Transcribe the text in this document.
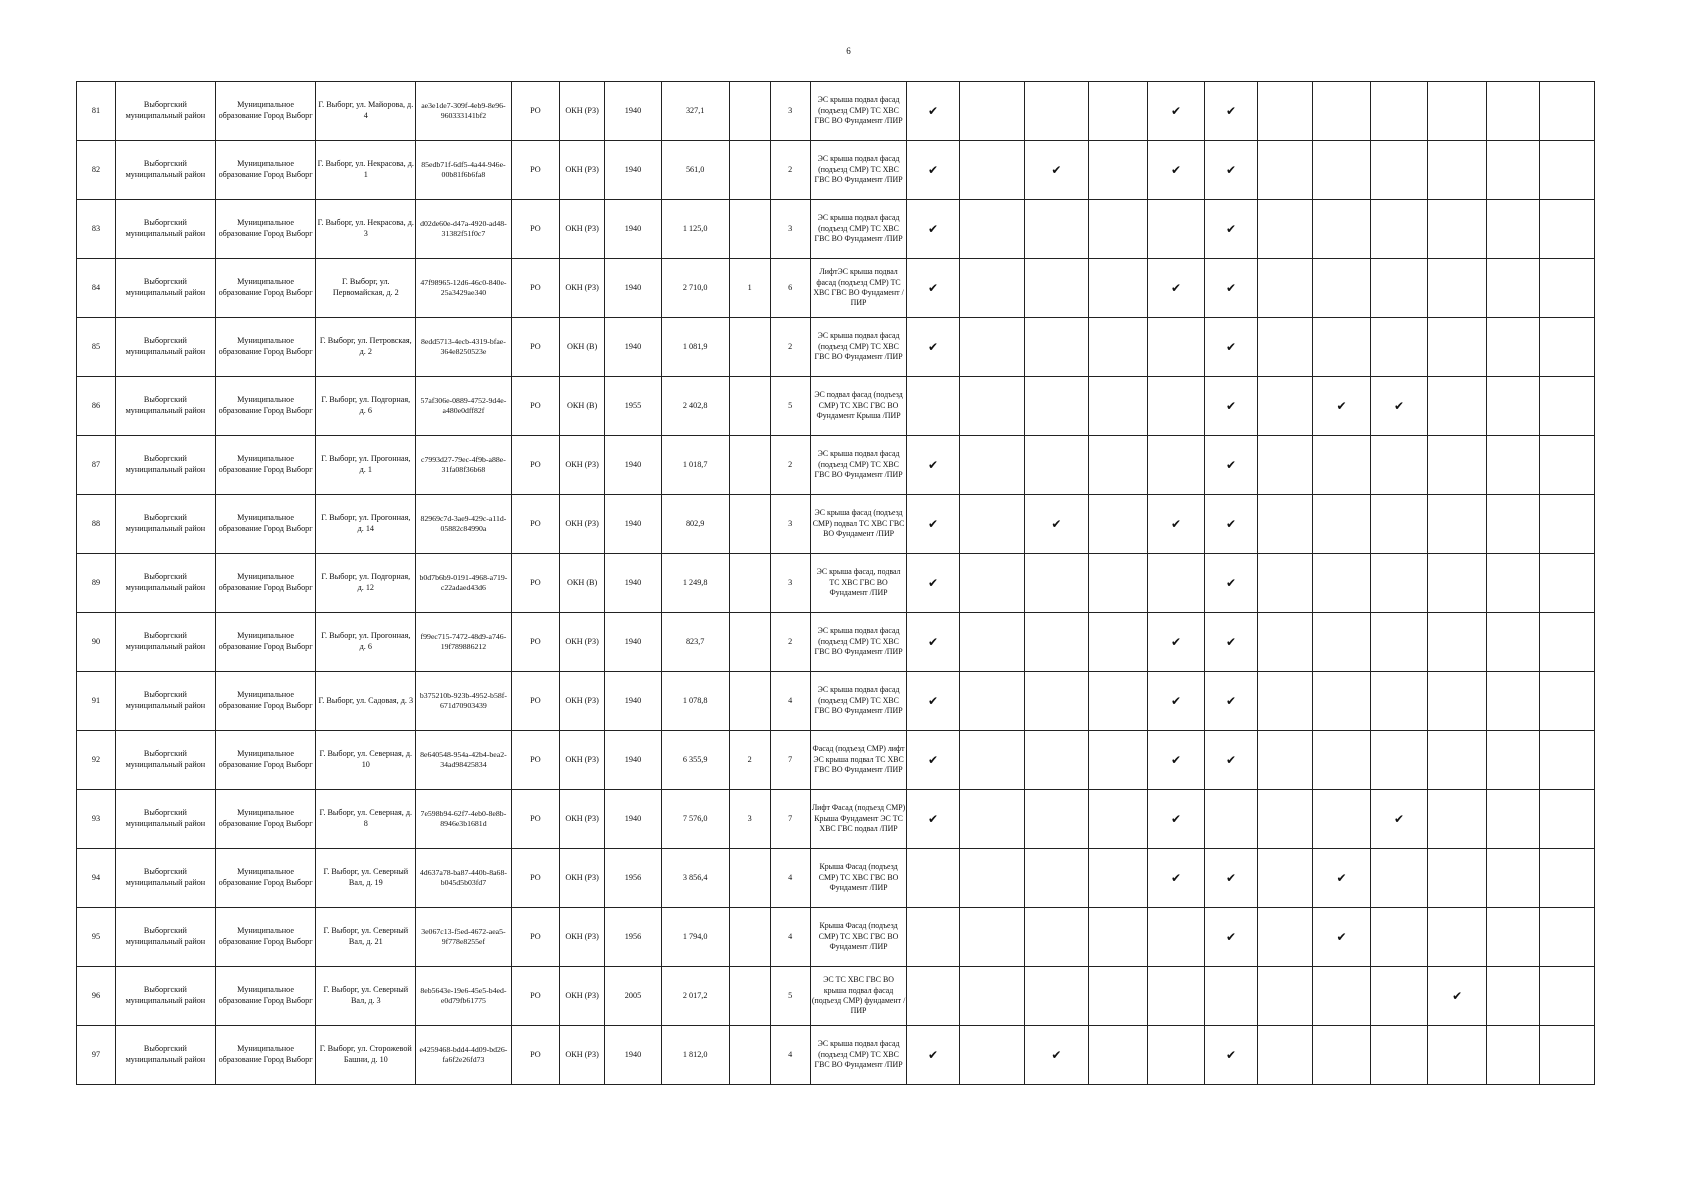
6
81	Выборгский муниципальный район	Муниципальное образование Город Выборг	Г. Выборг, ул. Майорова, д. 4	ae3e1de7-309f-4eb9-8e96-960333141bf2	РО	ОКН (РЗ)	1940	327,1		3	ЭС крыша подвал фасад (подъезд СМР) ТС ХВС ГВС ВО Фундамент /ПИР	✔				✔	✔						
82	Выборгский муниципальный район	Муниципальное образование Город Выборг	Г. Выборг, ул. Некрасова, д. 1	85edb71f-6df5-4a44-946e-00b81f6b6fa8	РО	ОКН (РЗ)	1940	561,0		2	ЭС крыша подвал фасад (подъезд СМР) ТС ХВС ГВС ВО Фундамент /ПИР	✔		✔		✔	✔						
83	Выборгский муниципальный район	Муниципальное образование Город Выборг	Г. Выборг, ул. Некрасова, д. 3	d02de60e-d47a-4920-ad48-31382f51f0c7	РО	ОКН (РЗ)	1940	1 125,0		3	ЭС крыша подвал фасад (подъезд СМР) ТС ХВС ГВС ВО Фундамент /ПИР	✔					✔						
84	Выборгский муниципальный район	Муниципальное образование Город Выборг	Г. Выборг, ул. Первомайская, д. 2	47f98965-12d6-46c0-840e-25a3429ae340	РО	ОКН (РЗ)	1940	2 710,0	1	6	ЛифтЭС крыша подвал фасад (подъезд СМР) ТС ХВС ГВС ВО Фундамент /ПИР	✔				✔	✔						
85	Выборгский муниципальный район	Муниципальное образование Город Выборг	Г. Выборг, ул. Петровская, д. 2	8edd5713-4ecb-4319-bfae-364e8250523e	РО	ОКН (В)	1940	1 081,9		2	ЭС крыша подвал фасад (подъезд СМР) ТС ХВС ГВС ВО Фундамент /ПИР	✔					✔						
86	Выборгский муниципальный район	Муниципальное образование Город Выборг	Г. Выборг, ул. Подгорная, д. 6	57af306e-0889-4752-9d4e-a480e0dff82f	РО	ОКН (В)	1955	2 402,8		5	ЭС подвал фасад (подъезд СМР) ТС ХВС ГВС ВО Фундамент Крыша /ПИР						✔		✔	✔			
87	Выборгский муниципальный район	Муниципальное образование Город Выборг	Г. Выборг, ул. Прогонная, д. 1	c7993d27-79ec-4f9b-a88e-31fa08f36b68	РО	ОКН (РЗ)	1940	1 018,7		2	ЭС крыша подвал фасад (подъезд СМР) ТС ХВС ГВС ВО Фундамент /ПИР	✔					✔						
88	Выборгский муниципальный район	Муниципальное образование Город Выборг	Г. Выборг, ул. Прогонная, д. 14	82969c7d-3ae9-429c-a11d-05882c84990a	РО	ОКН (РЗ)	1940	802,9		3	ЭС крыша фасад (подъезд СМР) подвал ТС ХВС ГВС ВО Фундамент /ПИР	✔		✔		✔	✔						
89	Выборгский муниципальный район	Муниципальное образование Город Выборг	Г. Выборг, ул. Подгорная, д. 12	b0d7b6b9-0191-4968-a719-c22adaed43d6	РО	ОКН (В)	1940	1 249,8		3	ЭС крыша фасад, подвал ТС ХВС ГВС ВО Фундамент /ПИР	✔					✔						
90	Выборгский муниципальный район	Муниципальное образование Город Выборг	Г. Выборг, ул. Прогонная, д. 6	f99ec715-7472-48d9-a746-19f789886212	РО	ОКН (РЗ)	1940	823,7		2	ЭС крыша подвал фасад (подъезд СМР) ТС ХВС ГВС ВО Фундамент /ПИР	✔				✔	✔						
91	Выборгский муниципальный район	Муниципальное образование Город Выборг	Г. Выборг, ул. Садовая, д. 3	b375210b-923b-4952-b58f-671d70903439	РО	ОКН (РЗ)	1940	1 078,8		4	ЭС крыша подвал фасад (подъезд СМР) ТС ХВС ГВС ВО Фундамент /ПИР	✔				✔	✔						
92	Выборгский муниципальный район	Муниципальное образование Город Выборг	Г. Выборг, ул. Северная, д. 10	8e640548-954a-42b4-bea2-34ad98425834	РО	ОКН (РЗ)	1940	6 355,9	2	7	Фасад (подъезд СМР) лифт ЭС крыша подвал ТС ХВС ГВС ВО Фундамент /ПИР	✔				✔	✔						
93	Выборгский муниципальный район	Муниципальное образование Город Выборг	Г. Выборг, ул. Северная, д. 8	7e598b94-62f7-4eb0-8e8b-8946e3b1681d	РО	ОКН (РЗ)	1940	7 576,0	3	7	Лифт Фасад (подъезд СМР) Крыша Фундамент ЭС ТС ХВС ГВС подвал /ПИР	✔				✔				✔			
94	Выборгский муниципальный район	Муниципальное образование Город Выборг	Г. Выборг, ул. Северный Вал, д. 19	4d637a78-ba87-440b-8a68-b045d5b03fd7	РО	ОКН (РЗ)	1956	3 856,4		4	Крыша Фасад (подъезд СМР) ТС ХВС ГВС ВО Фундамент /ПИР					✔	✔		✔				
95	Выборгский муниципальный район	Муниципальное образование Город Выборг	Г. Выборг, ул. Северный Вал, д. 21	3e067c13-f5ed-4672-aea5-9f778e8255ef	РО	ОКН (РЗ)	1956	1 794,0		4	Крыша Фасад (подъезд СМР) ТС ХВС ГВС ВО Фундамент /ПИР						✔		✔				
96	Выборгский муниципальный район	Муниципальное образование Город Выборг	Г. Выборг, ул. Северный Вал, д. 3	8eb5643e-19e6-45e5-b4ed-e0d79fb61775	РО	ОКН (РЗ)	2005	2 017,2		5	ЭС ТС ХВС ГВС ВО крыша подвал фасад (подъезд СМР) фундамент /ПИР										✔		
97	Выборгский муниципальный район	Муниципальное образование Город Выборг	Г. Выборг, ул. Сторожевой Башни, д. 10	e4259468-bdd4-4d09-bd26-fa6f2e26fd73	РО	ОКН (РЗ)	1940	1 812,0		4	ЭС крыша подвал фасад (подъезд СМР) ТС ХВС ГВС ВО Фундамент /ПИР	✔		✔			✔						
